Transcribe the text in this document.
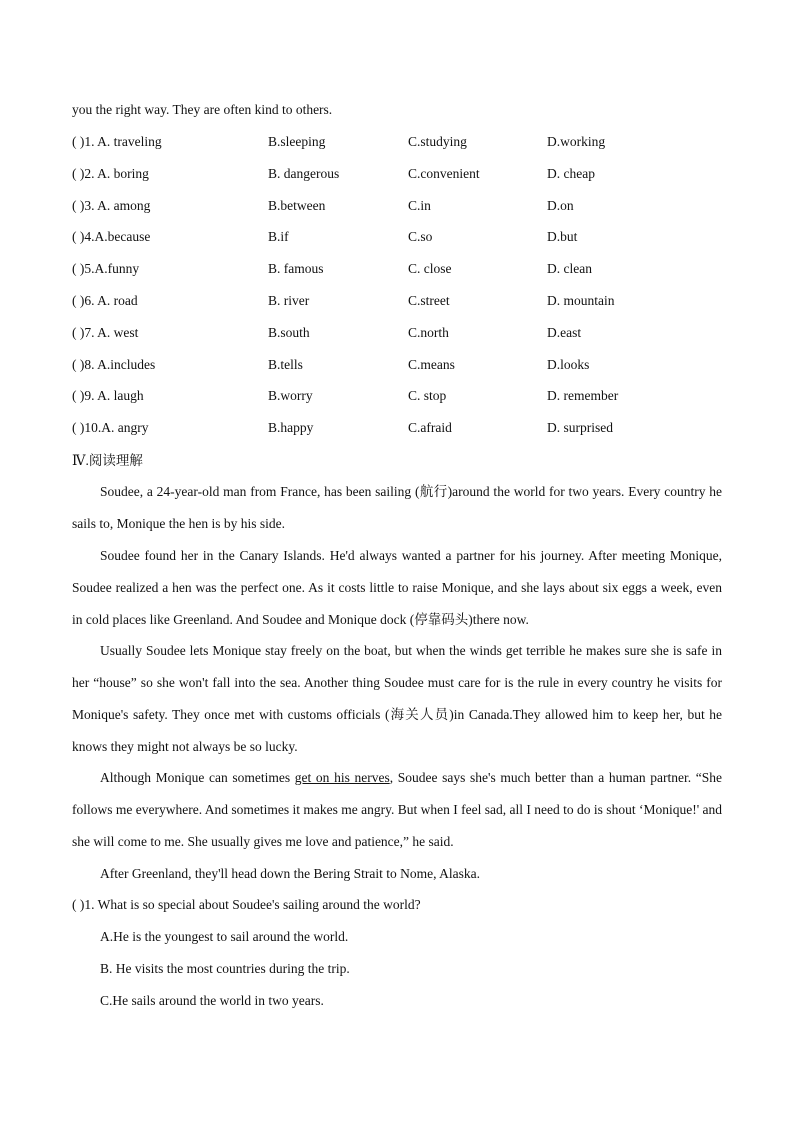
you the right way. They are often kind to others.
( )1. A. traveling	B.sleeping	C.studying	D.working
( )2. A. boring	B. dangerous	C.convenient	D. cheap
( )3. A. among	B.between	C.in	D.on
( )4.A.because	B.if	C.so	D.but
( )5.A.funny	B. famous	C. close	D. clean
( )6. A. road	B. river	C.street	D. mountain
( )7. A. west	B.south	C.north	D.east
( )8. A.includes	B.tells	C.means	D.looks
( )9. A. laugh	B.worry	C. stop	D. remember
( )10.A. angry	B.happy	C.afraid	D. surprised
Ⅳ.阅读理解

Soudee, a 24-year-old man from France, has been sailing (航行)around the world for two years. Every country he sails to, Monique the hen is by his side.

Soudee found her in the Canary Islands. He'd always wanted a partner for his journey. After meeting Monique, Soudee realized a hen was the perfect one. As it costs little to raise Monique, and she lays about six eggs a week, even in cold places like Greenland. And Soudee and Monique dock (停靠码头)there now.

Usually Soudee lets Monique stay freely on the boat, but when the winds get terrible he makes sure she is safe in her “house” so she won't fall into the sea. Another thing Soudee must care for is the rule in every country he visits for Monique's safety. They once met with customs officials (海关人员)in Canada.They allowed him to keep her, but he knows they might not always be so lucky.

Although Monique can sometimes get on his nerves, Soudee says she's much better than a human partner. “She follows me everywhere. And sometimes it makes me angry. But when I feel sad, all I need to do is shout ‘Monique!' and she will come to me. She usually gives me love and patience,” he said.

After Greenland, they'll head down the Bering Strait to Nome, Alaska.

( )1. What is so special about Soudee's sailing around the world?
A.He is the youngest to sail around the world.
B. He visits the most countries during the trip.
C.He sails around the world in two years.
